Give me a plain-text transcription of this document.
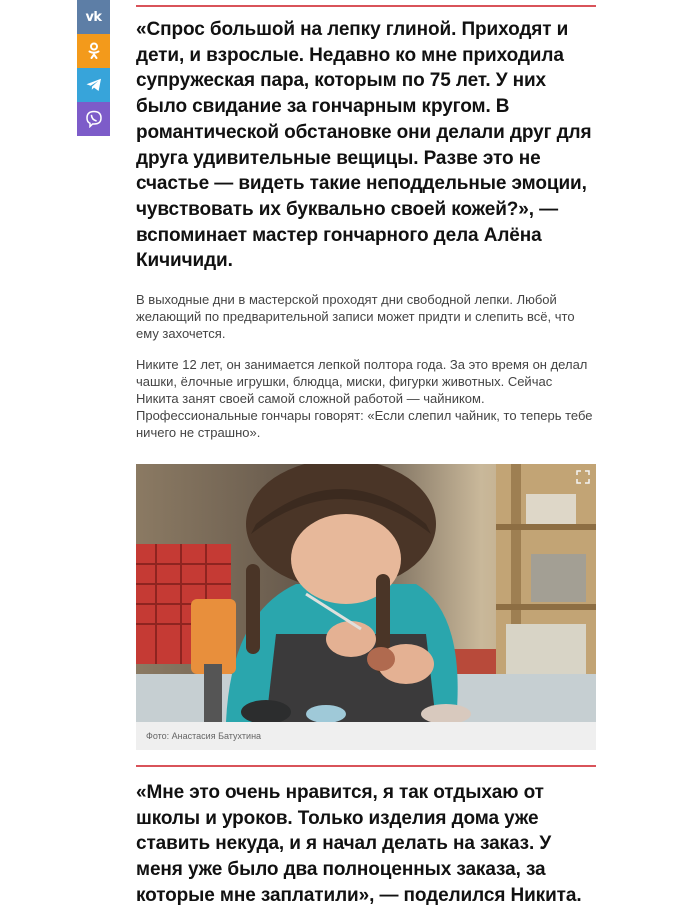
vk

«Спрос большой на лепку глиной. Приходят и дети, и взрослые. Недавно ко мне приходила супружеская пара, которым по 75 лет. У них было свидание за гончарным кругом. В романтической обстановке они делали друг для друга удивительные вещицы. Разве это не счастье — видеть такие неподдельные эмоции, чувствовать их буквально своей кожей?», — вспоминает мастер гончарного дела Алёна Кичичиди.

В выходные дни в мастерской проходят дни свободной лепки. Любой желающий по предварительной записи может придти и слепить всё, что ему захочется.

Никите 12 лет, он занимается лепкой полтора года. За это время он делал чашки, ёлочные игрушки, блюдца, миски, фигурки животных. Сейчас Никита занят своей самой сложной работой — чайником. Профессиональные гончары говорят: «Если слепил чайник, то теперь тебе ничего не страшно».

Фото: Анастасия Батухтина

«Мне это очень нравится, я так отдыхаю от школы и уроков. Только изделия дома уже ставить некуда, и я начал делать на заказ. У меня уже было два полноценных заказа, за которые мне заплатили», — поделился Никита.
